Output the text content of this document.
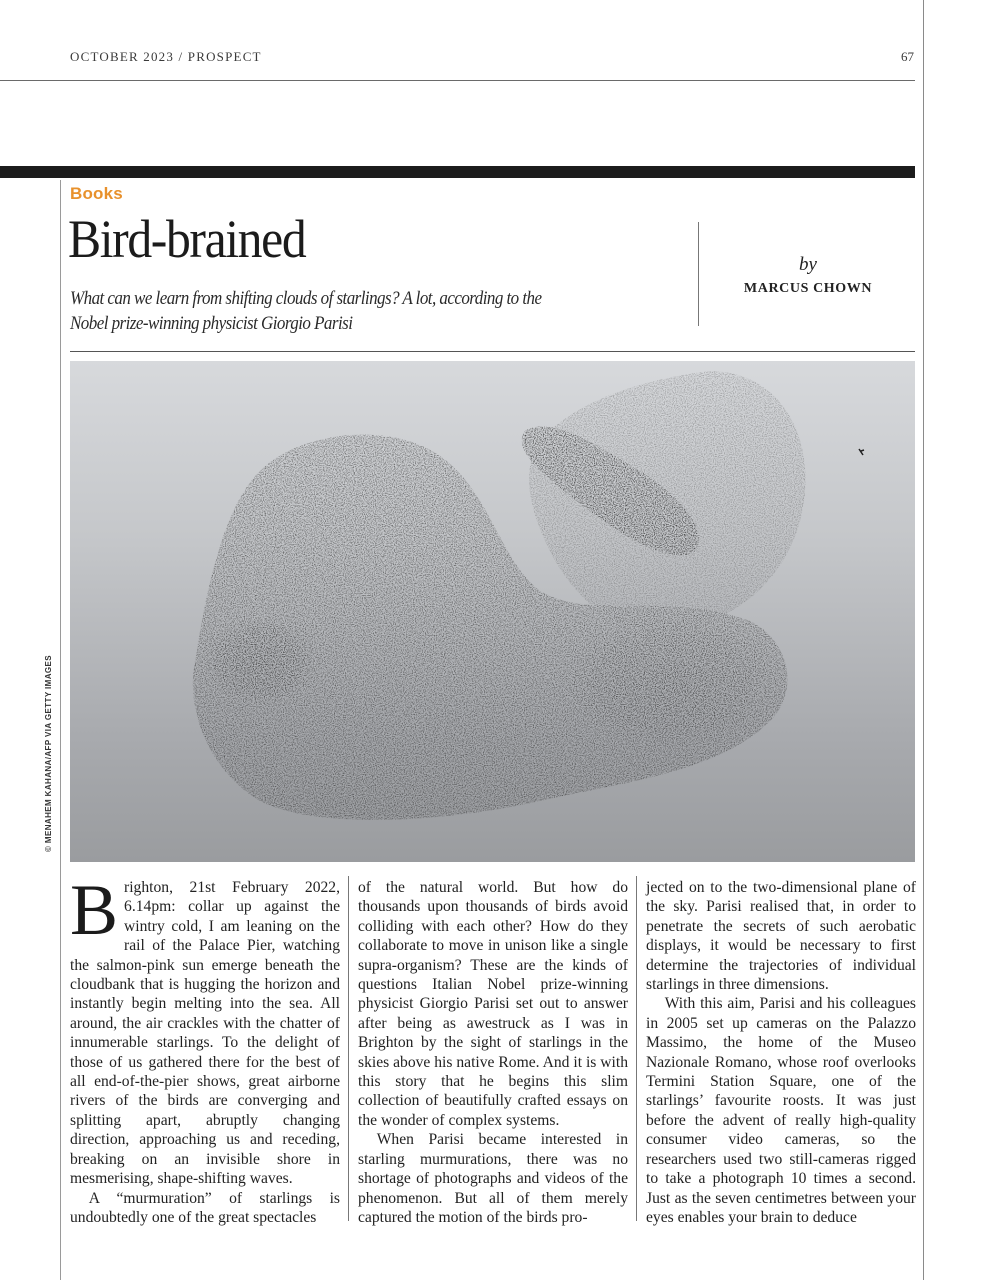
OCTOBER 2023 / PROSPECT	67
Books
Bird-brained
What can we learn from shifting clouds of starlings? A lot, according to the Nobel prize-winning physicist Giorgio Parisi
by
MARCUS CHOWN
© MENAHEM KAHANA/AFP VIA GETTY IMAGES

Brighton, 21st February 2022, 6.14pm: collar up against the wintry cold, I am leaning on the rail of the Palace Pier, watching the salmon-pink sun emerge beneath the cloudbank that is hugging the horizon and instantly begin melting into the sea. All around, the air crackles with the chatter of innumerable starlings. To the delight of those of us gathered there for the best of all end-of-the-pier shows, great airborne rivers of the birds are converging and splitting apart, abruptly changing direction, approaching us and receding, breaking on an invisible shore in mesmerising, shape-shifting waves.

A “murmuration” of starlings is undoubtedly one of the great spectacles

of the natural world. But how do thousands upon thousands of birds avoid colliding with each other? How do they collaborate to move in unison like a single supra-organism? These are the kinds of questions Italian Nobel prize-winning physicist Giorgio Parisi set out to answer after being as awestruck as I was in Brighton by the sight of starlings in the skies above his native Rome. And it is with this story that he begins this slim collection of beautifully crafted essays on the wonder of complex systems.

When Parisi became interested in starling murmurations, there was no shortage of photographs and videos of the phenomenon. But all of them merely captured the motion of the birds pro-

jected on to the two-dimensional plane of the sky. Parisi realised that, in order to penetrate the secrets of such aerobatic displays, it would be necessary to first determine the trajectories of individual starlings in three dimensions.

With this aim, Parisi and his colleagues in 2005 set up cameras on the Palazzo Massimo, the home of the Museo Nazionale Romano, whose roof overlooks Termini Station Square, one of the starlings’ favourite roosts. It was just before the advent of really high-quality consumer video cameras, so the researchers used two still-cameras rigged to take a photograph 10 times a second. Just as the seven centimetres between your eyes enables your brain to deduce
